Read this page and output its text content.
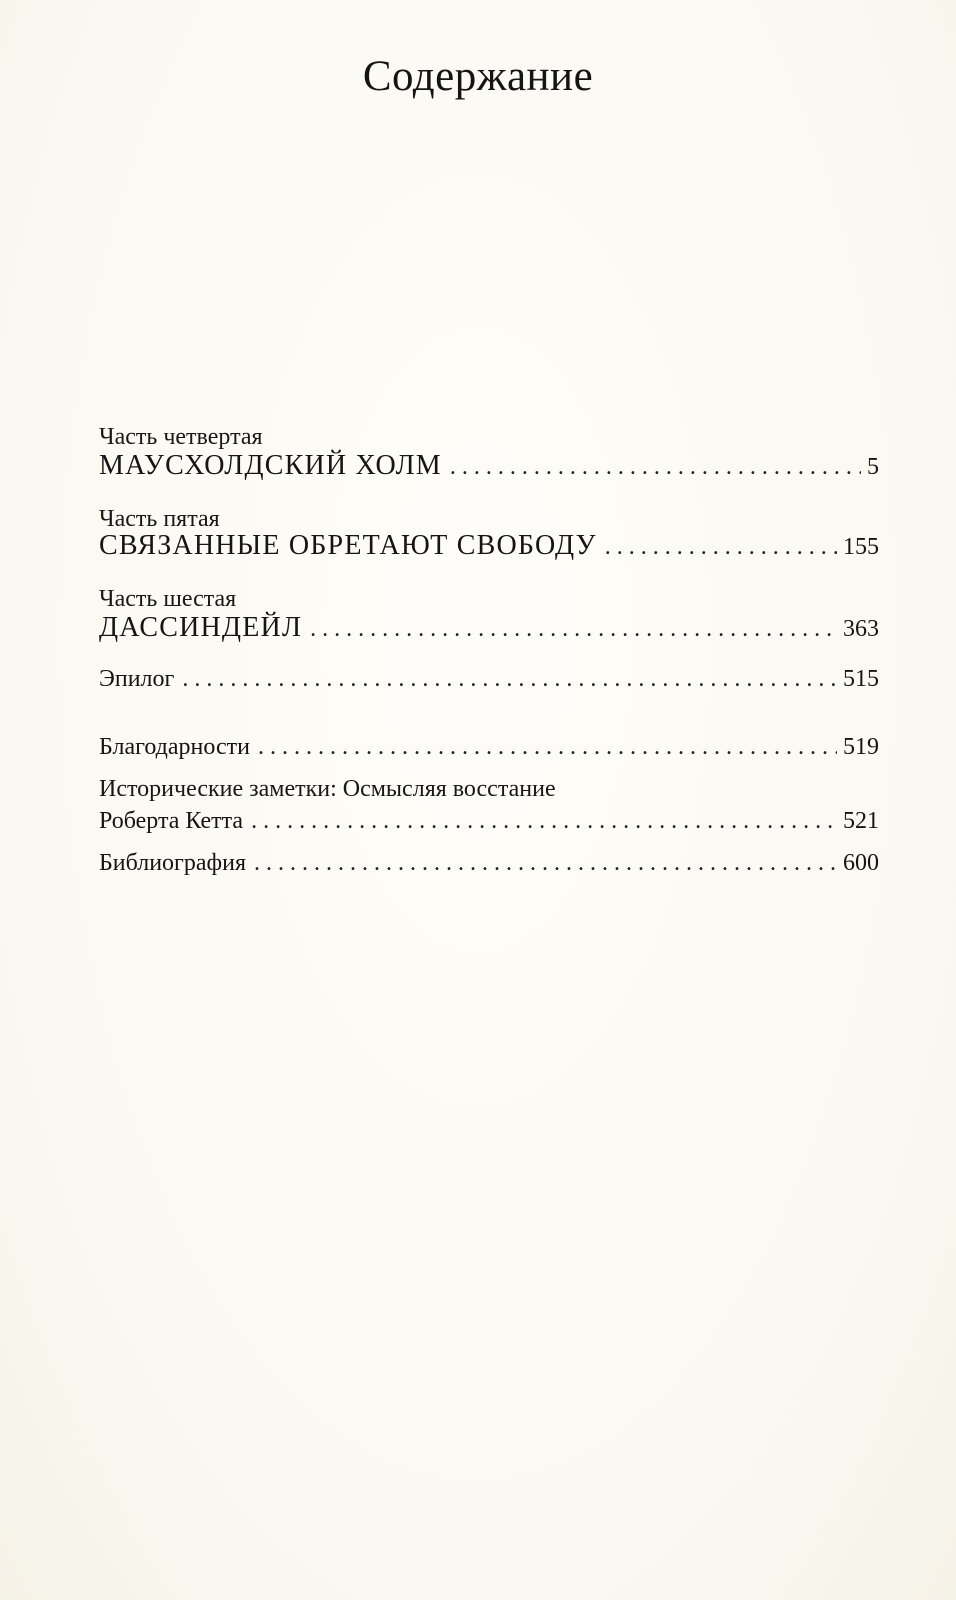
Содержание
Часть четвертая
МАУСХОЛДСКИЙ ХОЛМ . . .	5
Часть пятая
СВЯЗАННЫЕ ОБРЕТАЮТ СВОБОДУ . . .	155
Часть шестая
ДАССИНДЕЙЛ . . .	363
Эпилог . . .	515
Благодарности . . .	519
Исторические заметки: Осмысляя восстание
Роберта Кетта . . .	521
Библиография . . .	600
